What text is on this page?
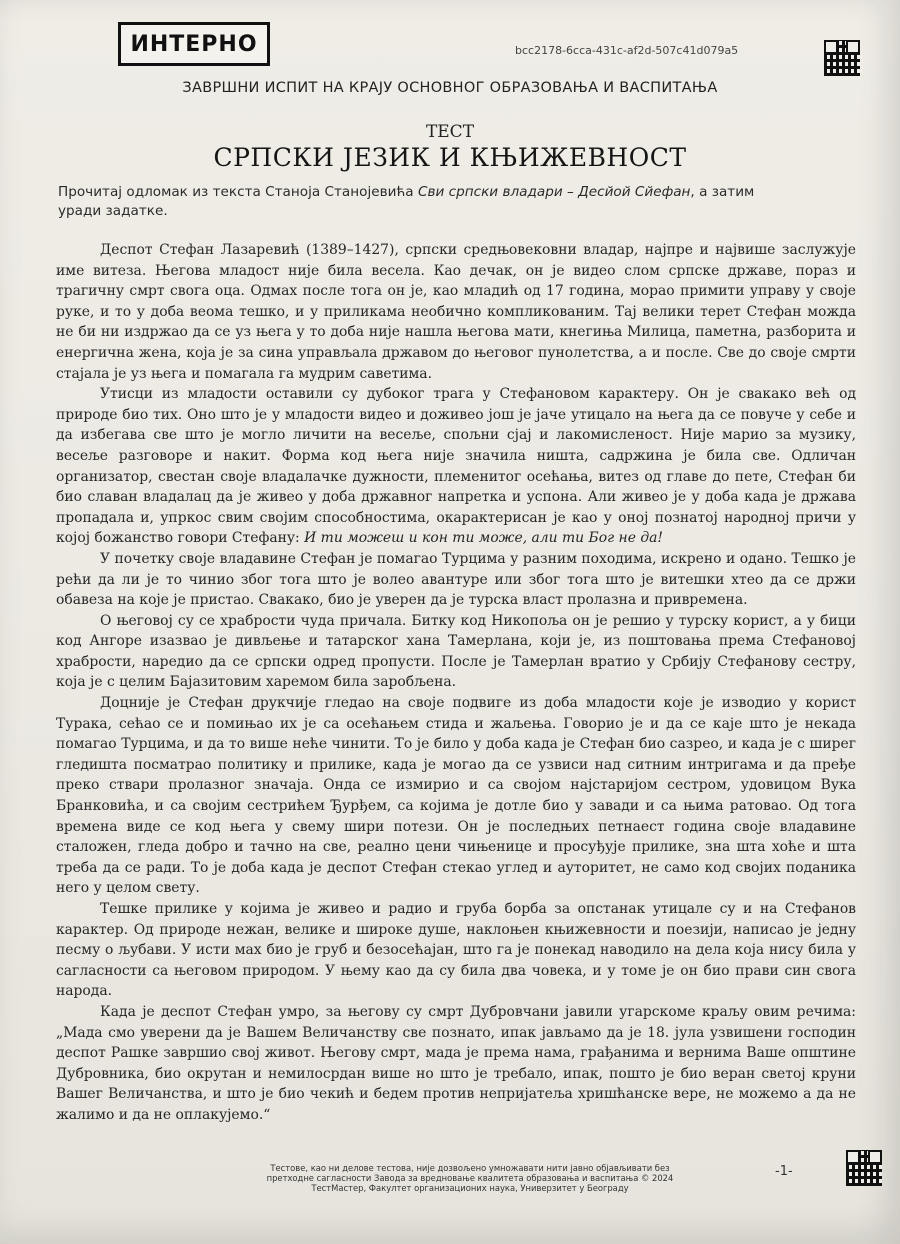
ИНТЕРНО	bcc2178-6cca-431c-af2d-507c41d079a5
ЗАВРШНИ ИСПИТ НА КРАЈУ ОСНОВНОГ ОБРАЗОВАЊА И ВАСПИТАЊА
ТЕСТ
СРПСКИ ЈЕЗИК И КЊИЖЕВНОСТ
Прочитај одломак из текста Станоја Станојевића Сви српски владари – Десйой Сйефан, а затим уради задатке.

Деспот Стефан Лазаревић (1389–1427), српски средњовековни владар, најпре и највише заслужује име витеза. Његова младост није била весела. Као дечак, он је видео слом српске државе, пораз и трагичну смрт свога оца. Одмах после тога он је, као младић од 17 година, морао примити управу у своје руке, и то у доба веома тешко, и у приликама необично компликованим. Тај велики терет Стефан можда не би ни издржао да се уз њега у то доба није нашла његова мати, кнегиња Милица, паметна, разборита и енергична жена, која је за сина управљала државом до његовог пунолетства, а и после. Све до своје смрти стајала је уз њега и помагала га мудрим саветима.

Утисци из младости оставили су дубоког трага у Стефановом карактеру. Он је свакако већ од природе био тих. Оно што је у младости видео и доживео још је јаче утицало на њега да се повуче у себе и да избегава све што је могло личити на весеље, спољни сјај и лакомисленост. Није марио за музику, весеље разговоре и накит. Форма код њега није значила ништа, садржина је била све. Одличан организатор, свестан своје владалачке дужности, племенитог осећања, витез од главе до пете, Стефан би био славан владалац да је живео у доба државног напретка и успона. Али живео је у доба када је држава пропадала и, упркос свим својим способностима, окарактерисан је као у оној познатој народној причи у којој божанство говори Стефану: И ти можеш и кон ти може, али ти Бог не да!

У почетку своје владавине Стефан је помагао Турцима у разним походима, искрено и одано. Тешко је рећи да ли је то чинио због тога што је волео авантуре или због тога што је витешки хтео да се држи обавеза на које је пристао. Свакако, био је уверен да је турска власт пролазна и привремена.

О његовој су се храбрости чуда причала. Битку код Никопоља он је решио у турску корист, а у бици код Ангоре изазвао је дивљење и татарског хана Тамерлана, који је, из поштовања према Стефановој храбрости, наредио да се српски одред пропусти. После је Тамерлан вратио у Србију Стефанову сестру, која је с целим Бајазитовим харемом била заробљена.

Доцније је Стефан друкчије гледао на своје подвиге из доба младости које је изводио у корист Турака, сећао се и помињао их је са осећањем стида и жаљења. Говорио је и да се каје што је некада помагао Турцима, и да то више неће чинити. То је било у доба када је Стефан био сазрео, и када је с ширег гледишта посматрао политику и прилике, када је могао да се узвиси над ситним интригама и да пређе преко ствари пролазног значаја. Онда се измирио и са својом најстаријом сестром, удовицом Вука Бранковића, и са својим сестрићем Ђурђем, са којима је дотле био у завади и са њима ратовао. Од тога времена виде се код њега у свему шири потези. Он је последњих петнаест година своје владавине сталожен, гледа добро и тачно на све, реално цени чињенице и просуђује прилике, зна шта хоће и шта треба да се ради. То је доба када је деспот Стефан стекао углед и ауторитет, не само код својих поданика него у целом свету.

Тешке прилике у којима је живео и радио и груба борба за опстанак утицале су и на Стефанов карактер. Од природе нежан, велике и широке душе, наклоњен књижевности и поезији, написао је једну песму о љубави. У исти мах био је груб и безосећајан, што га је понекад наводило на дела која нису била у сагласности са његовом природом. У њему као да су била два човека, и у томе је он био прави син свога народа.

Када је деспот Стефан умро, за његову су смрт Дубровчани јавили угарскоме краљу овим речима: „Мада смо уверени да је Вашем Величанству све познато, ипак јављамо да је 18. јула узвишени господин деспот Рашке завршио свој живот. Његову смрт, мада је према нама, грађанима и вернима Ваше општине Дубровника, био окрутан и немилосрдан више но што је требало, ипак, пошто је био веран светој круни Вашег Величанства, и што је био чекић и бедем против непријатеља хришћанске вере, не можемо а да не жалимо и да не оплакујемо.“

Тестове, као ни делове тестова, није дозвољено умножавати нити јавно објављивати без претходне сагласности Завода за вредновање квалитета образовања и васпитања © 2024 ТестМастер, Факултет организационих наука, Универзитет у Београду
-1-
